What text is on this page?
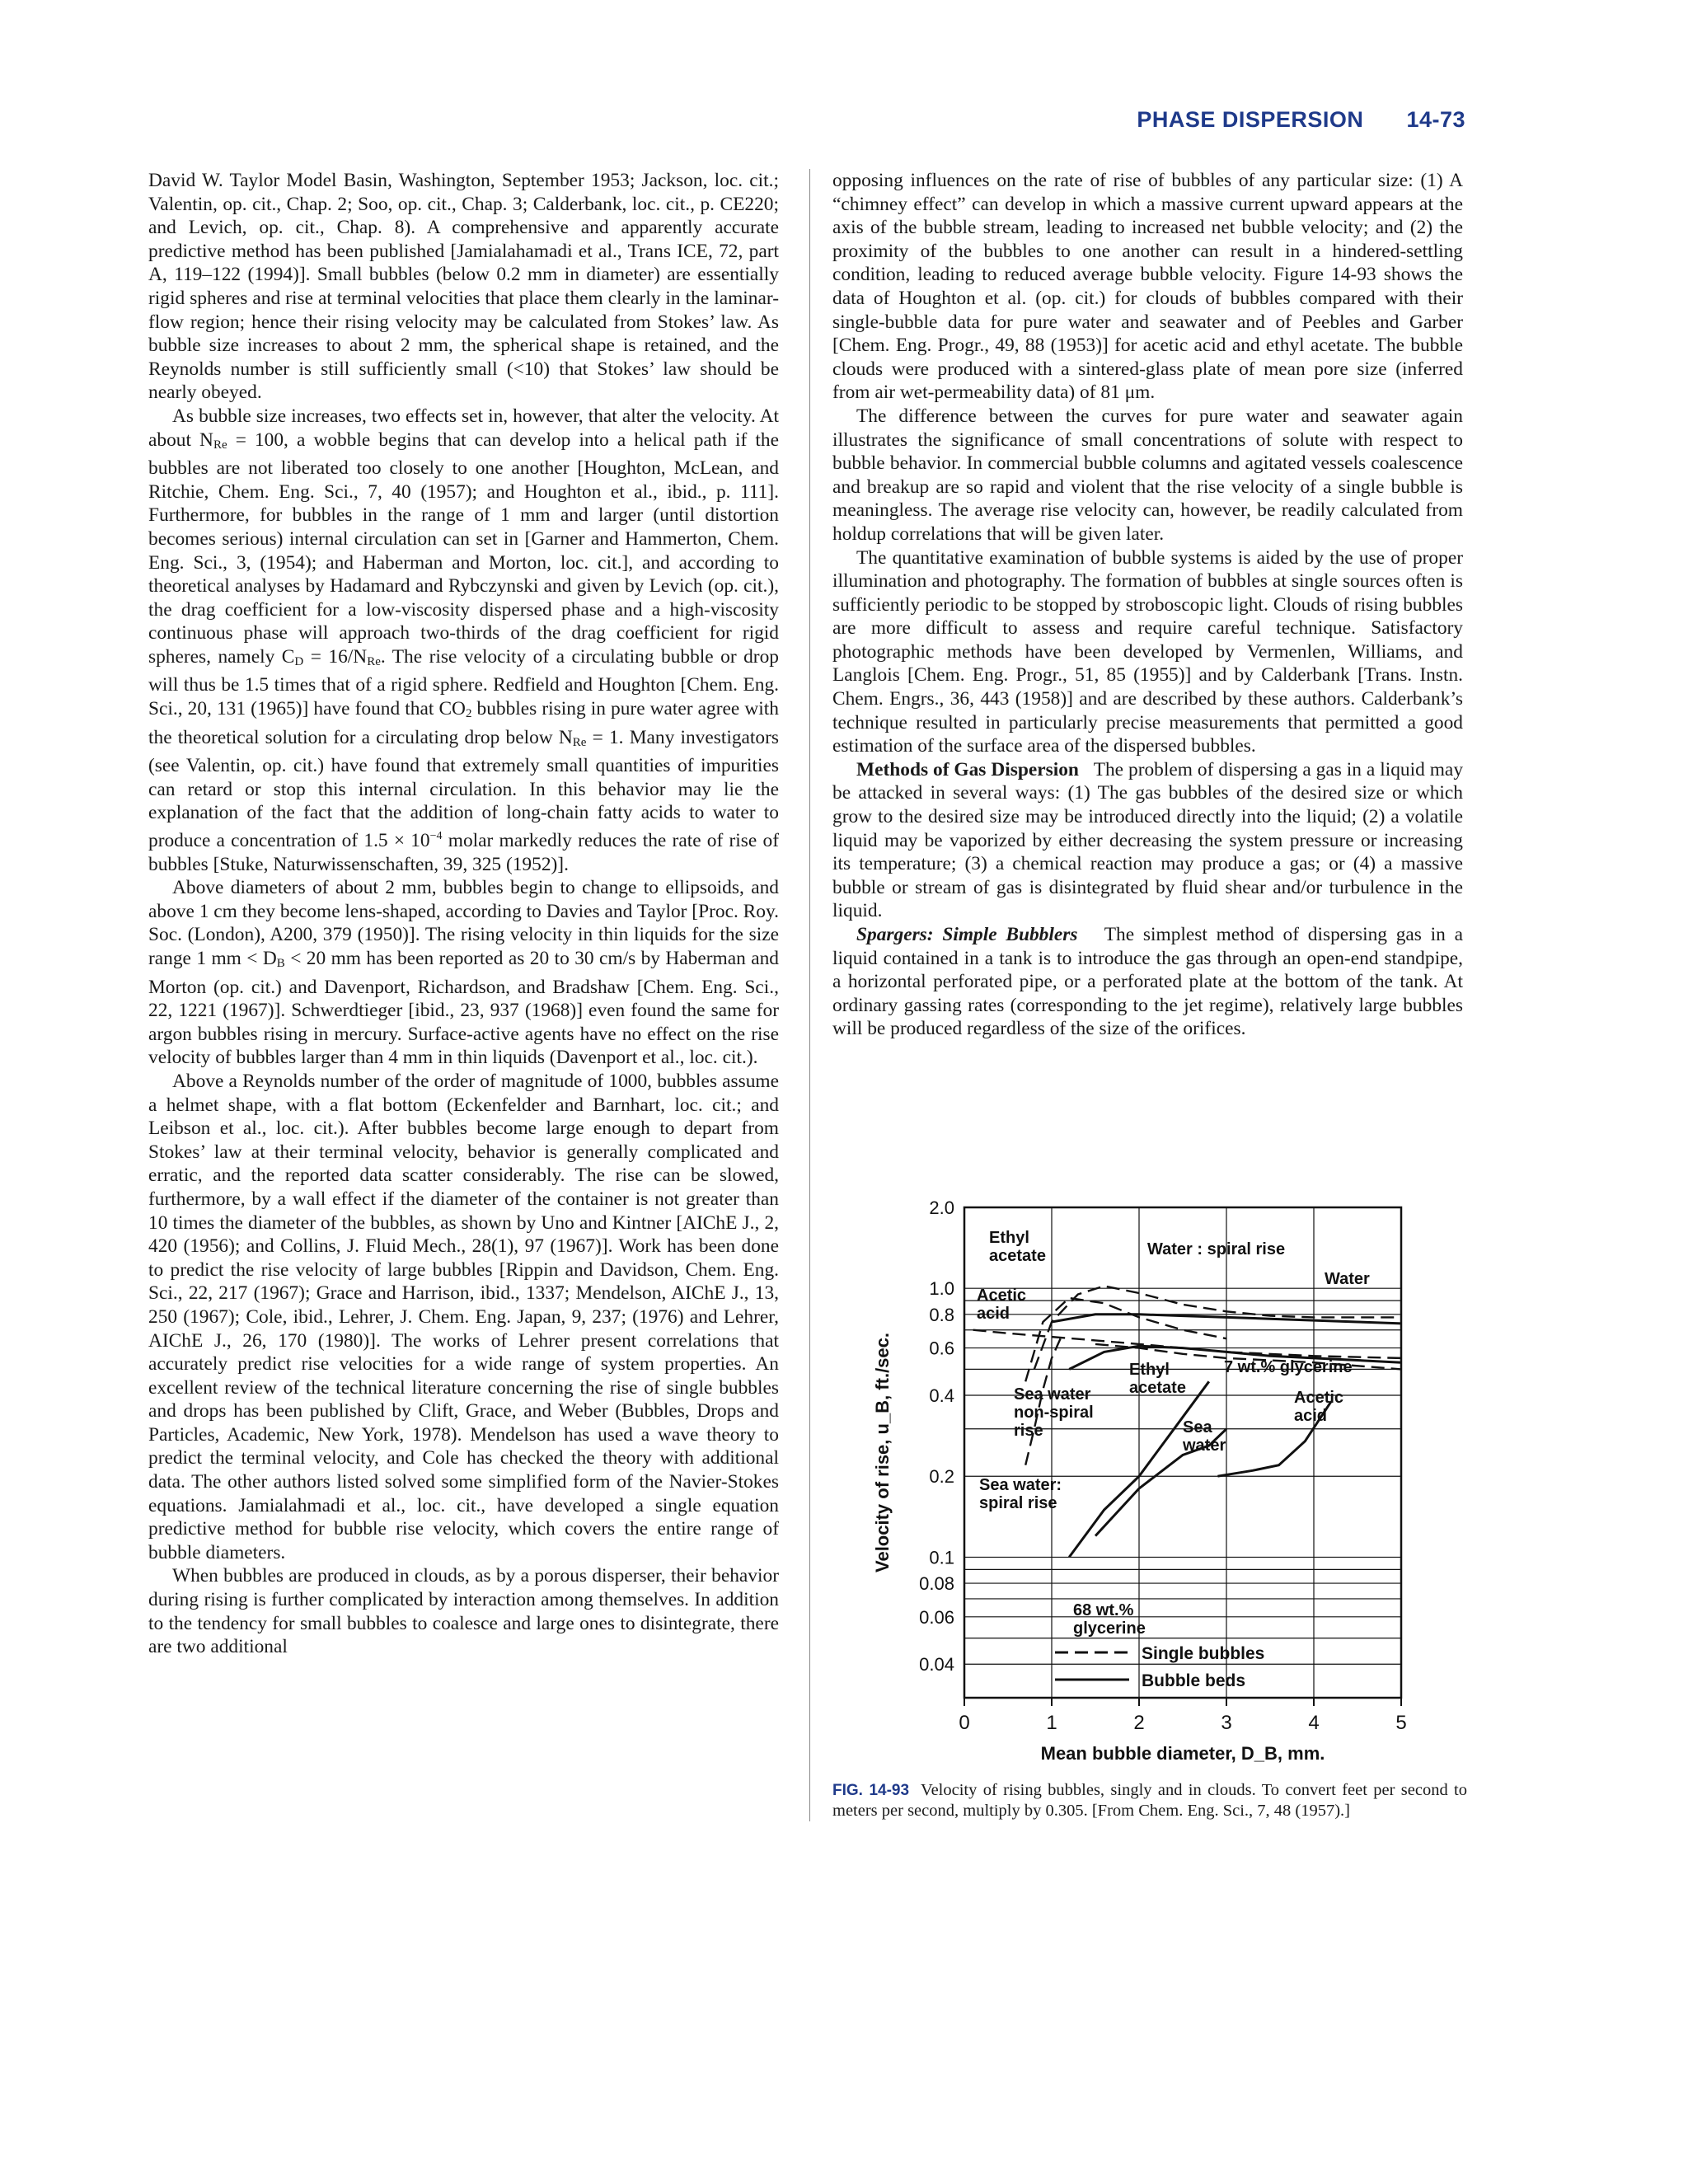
PHASE DISPERSION 14-73

David W. Taylor Model Basin, Washington, September 1953; Jackson, loc. cit.; Valentin, op. cit., Chap. 2; Soo, op. cit., Chap. 3; Calderbank, loc. cit., p. CE220; and Levich, op. cit., Chap. 8). A comprehensive and apparently accurate predictive method has been published [Jamialahamadi et al., Trans ICE, 72, part A, 119–122 (1994)]. Small bubbles (below 0.2 mm in diameter) are essentially rigid spheres and rise at terminal velocities that place them clearly in the laminar-flow region; hence their rising velocity may be calculated from Stokes’ law. As bubble size increases to about 2 mm, the spherical shape is retained, and the Reynolds number is still sufficiently small (<10) that Stokes’ law should be nearly obeyed.

As bubble size increases, two effects set in, however, that alter the velocity. At about $N_{Re} = 100$, a wobble begins that can develop into a helical path if the bubbles are not liberated too closely to one another [Houghton, McLean, and Ritchie, Chem. Eng. Sci., 7, 40 (1957); and Houghton et al., ibid., p. 111]. Furthermore, for bubbles in the range of 1 mm and larger (until distortion becomes serious) internal circulation can set in [Garner and Hammerton, Chem. Eng. Sci., 3, (1954); and Haberman and Morton, loc. cit.], and according to theoretical analyses by Hadamard and Rybczynski and given by Levich (op. cit.), the drag coefficient for a low-viscosity dispersed phase and a high-viscosity continuous phase will approach two-thirds of the drag coefficient for rigid spheres, namely $C_D = 16/N_{Re}$. The rise velocity of a circulating bubble or drop will thus be 1.5 times that of a rigid sphere. Redfield and Houghton [Chem. Eng. Sci., 20, 131 (1965)] have found that $CO_2$ bubbles rising in pure water agree with the theoretical solution for a circulating drop below $N_{Re} = 1$. Many investigators (see Valentin, op. cit.) have found that extremely small quantities of impurities can retard or stop this internal circulation. In this behavior may lie the explanation of the fact that the addition of long-chain fatty acids to water to produce a concentration of $1.5 \times 10^{-4}$ molar markedly reduces the rate of rise of bubbles [Stuke, Naturwissenschaften, 39, 325 (1952)].

Above diameters of about 2 mm, bubbles begin to change to ellipsoids, and above 1 cm they become lens-shaped, according to Davies and Taylor [Proc. Roy. Soc. (London), A200, 379 (1950)]. The rising velocity in thin liquids for the size range 1 mm < $D_B < 20$ mm has been reported as 20 to 30 cm/s by Haberman and Morton (op. cit.) and Davenport, Richardson, and Bradshaw [Chem. Eng. Sci., 22, 1221 (1967)]. Schwerdtieger [ibid., 23, 937 (1968)] even found the same for argon bubbles rising in mercury. Surface-active agents have no effect on the rise velocity of bubbles larger than 4 mm in thin liquids (Davenport et al., loc. cit.).

Above a Reynolds number of the order of magnitude of 1000, bubbles assume a helmet shape, with a flat bottom (Eckenfelder and Barnhart, loc. cit.; and Leibson et al., loc. cit.). After bubbles become large enough to depart from Stokes’ law at their terminal velocity, behavior is generally complicated and erratic, and the reported data scatter considerably. The rise can be slowed, furthermore, by a wall effect if the diameter of the container is not greater than 10 times the diameter of the bubbles, as shown by Uno and Kintner [AIChE J., 2, 420 (1956); and Collins, J. Fluid Mech., 28(1), 97 (1967)]. Work has been done to predict the rise velocity of large bubbles [Rippin and Davidson, Chem. Eng. Sci., 22, 217 (1967); Grace and Harrison, ibid., 1337; Mendelson, AIChE J., 13, 250 (1967); Cole, ibid., Lehrer, J. Chem. Eng. Japan, 9, 237; (1976) and Lehrer, AIChE J., 26, 170 (1980)]. The works of Lehrer present correlations that accurately predict rise velocities for a wide range of system properties. An excellent review of the technical literature concerning the rise of single bubbles and drops has been published by Clift, Grace, and Weber (Bubbles, Drops and Particles, Academic, New York, 1978). Mendelson has used a wave theory to predict the terminal velocity, and Cole has checked the theory with additional data. The other authors listed solved some simplified form of the Navier-Stokes equations. Jamialahmadi et al., loc. cit., have developed a single equation predictive method for bubble rise velocity, which covers the entire range of bubble diameters.

When bubbles are produced in clouds, as by a porous disperser, their behavior during rising is further complicated by interaction among themselves. In addition to the tendency for small bubbles to coalesce and large ones to disintegrate, there are two additional

opposing influences on the rate of rise of bubbles of any particular size: (1) A “chimney effect” can develop in which a massive current upward appears at the axis of the bubble stream, leading to increased net bubble velocity; and (2) the proximity of the bubbles to one another can result in a hindered-settling condition, leading to reduced average bubble velocity. Figure 14-93 shows the data of Houghton et al. (op. cit.) for clouds of bubbles compared with their single-bubble data for pure water and seawater and of Peebles and Garber [Chem. Eng. Progr., 49, 88 (1953)] for acetic acid and ethyl acetate. The bubble clouds were produced with a sintered-glass plate of mean pore size (inferred from air wet-permeability data) of 81 μm.

The difference between the curves for pure water and seawater again illustrates the significance of small concentrations of solute with respect to bubble behavior. In commercial bubble columns and agitated vessels coalescence and breakup are so rapid and violent that the rise velocity of a single bubble is meaningless. The average rise velocity can, however, be readily calculated from holdup correlations that will be given later.

The quantitative examination of bubble systems is aided by the use of proper illumination and photography. The formation of bubbles at single sources often is sufficiently periodic to be stopped by stroboscopic light. Clouds of rising bubbles are more difficult to assess and require careful technique. Satisfactory photographic methods have been developed by Vermenlen, Williams, and Langlois [Chem. Eng. Progr., 51, 85 (1955)] and by Calderbank [Trans. Instn. Chem. Engrs., 36, 443 (1958)] and are described by these authors. Calderbank’s technique resulted in particularly precise measurements that permitted a good estimation of the surface area of the dispersed bubbles.

Methods of Gas Dispersion The problem of dispersing a gas in a liquid may be attacked in several ways: (1) The gas bubbles of the desired size or which grow to the desired size may be introduced directly into the liquid; (2) a volatile liquid may be vaporized by either decreasing the system pressure or increasing its temperature; (3) a chemical reaction may produce a gas; or (4) a massive bubble or stream of gas is disintegrated by fluid shear and/or turbulence in the liquid.

Spargers: Simple Bubblers The simplest method of dispersing gas in a liquid contained in a tank is to introduce the gas through an open-end standpipe, a horizontal perforated pipe, or a perforated plate at the bottom of the tank. At ordinary gassing rates (corresponding to the jet regime), relatively large bubbles will be produced regardless of the size of the orifices.

0	1	2	3	4	5
2.0
1.0
0.8
0.6
0.4
0.2
0.1
0.08
0.06
0.04
Mean bubble diameter, D_B, mm.
Velocity of rise, u_B, ft./sec.
Ethyl acetate	Water : spiral rise
Water
Acetic acid
Ethyl acetate
7 wt.% glycerine
Sea water non-spiral rise	Sea water
Acetic acid
Sea water: spiral rise
68 wt.% glycerine
Single bubbles
Bubble beds
FIG. 14-93 Velocity of rising bubbles, singly and in clouds. To convert feet per second to meters per second, multiply by 0.305. [From Chem. Eng. Sci., 7, 48 (1957).]
